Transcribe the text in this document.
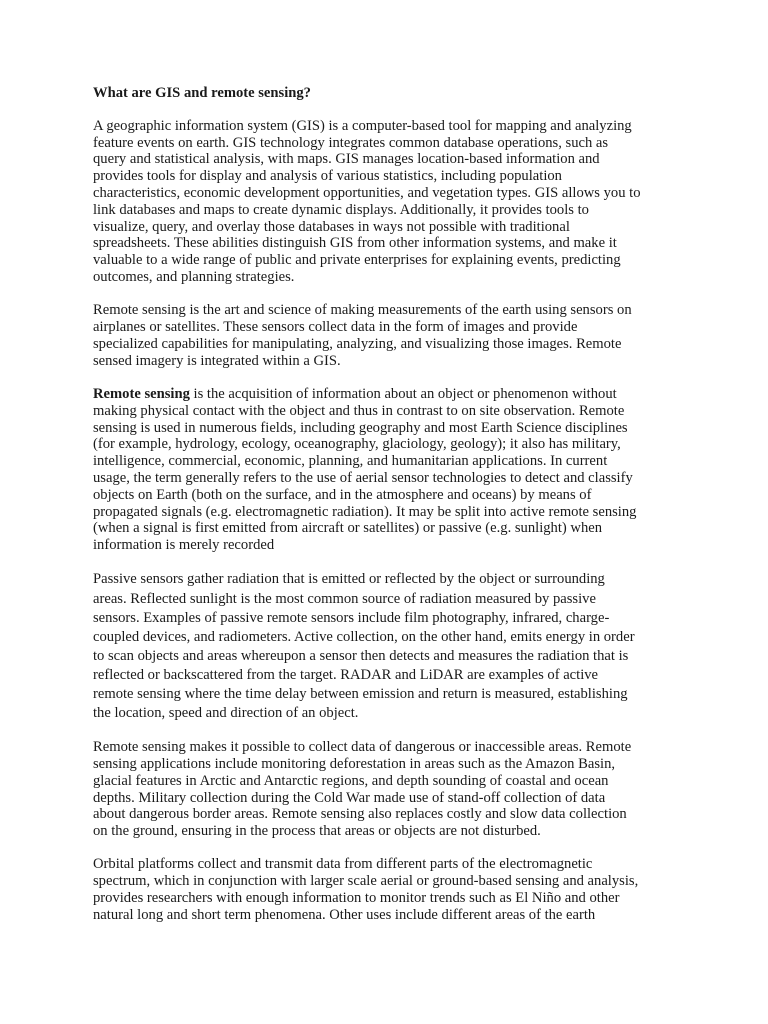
What are GIS and remote sensing?

A geographic information system (GIS) is a computer-based tool for mapping and analyzing
feature events on earth. GIS technology integrates common database operations, such as
query and statistical analysis, with maps. GIS manages location-based information and
provides tools for display and analysis of various statistics, including population
characteristics, economic development opportunities, and vegetation types. GIS allows you to
link databases and maps to create dynamic displays. Additionally, it provides tools to
visualize, query, and overlay those databases in ways not possible with traditional
spreadsheets. These abilities distinguish GIS from other information systems, and make it
valuable to a wide range of public and private enterprises for explaining events, predicting
outcomes, and planning strategies.

Remote sensing is the art and science of making measurements of the earth using sensors on
airplanes or satellites. These sensors collect data in the form of images and provide
specialized capabilities for manipulating, analyzing, and visualizing those images. Remote
sensed imagery is integrated within a GIS.

Remote sensing is the acquisition of information about an object or phenomenon without
making physical contact with the object and thus in contrast to on site observation. Remote
sensing is used in numerous fields, including geography and most Earth Science disciplines
(for example, hydrology, ecology, oceanography, glaciology, geology); it also has military,
intelligence, commercial, economic, planning, and humanitarian applications. In current
usage, the term generally refers to the use of aerial sensor technologies to detect and classify
objects on Earth (both on the surface, and in the atmosphere and oceans) by means of
propagated signals (e.g. electromagnetic radiation). It may be split into active remote sensing
(when a signal is first emitted from aircraft or satellites) or passive (e.g. sunlight) when
information is merely recorded

Passive sensors gather radiation that is emitted or reflected by the object or surrounding
areas. Reflected sunlight is the most common source of radiation measured by passive
sensors. Examples of passive remote sensors include film photography, infrared, charge-
coupled devices, and radiometers. Active collection, on the other hand, emits energy in order
to scan objects and areas whereupon a sensor then detects and measures the radiation that is
reflected or backscattered from the target. RADAR and LiDAR are examples of active
remote sensing where the time delay between emission and return is measured, establishing
the location, speed and direction of an object.

Remote sensing makes it possible to collect data of dangerous or inaccessible areas. Remote
sensing applications include monitoring deforestation in areas such as the Amazon Basin,
glacial features in Arctic and Antarctic regions, and depth sounding of coastal and ocean
depths. Military collection during the Cold War made use of stand-off collection of data
about dangerous border areas. Remote sensing also replaces costly and slow data collection
on the ground, ensuring in the process that areas or objects are not disturbed.

Orbital platforms collect and transmit data from different parts of the electromagnetic
spectrum, which in conjunction with larger scale aerial or ground-based sensing and analysis,
provides researchers with enough information to monitor trends such as El Niño and other
natural long and short term phenomena. Other uses include different areas of the earth
